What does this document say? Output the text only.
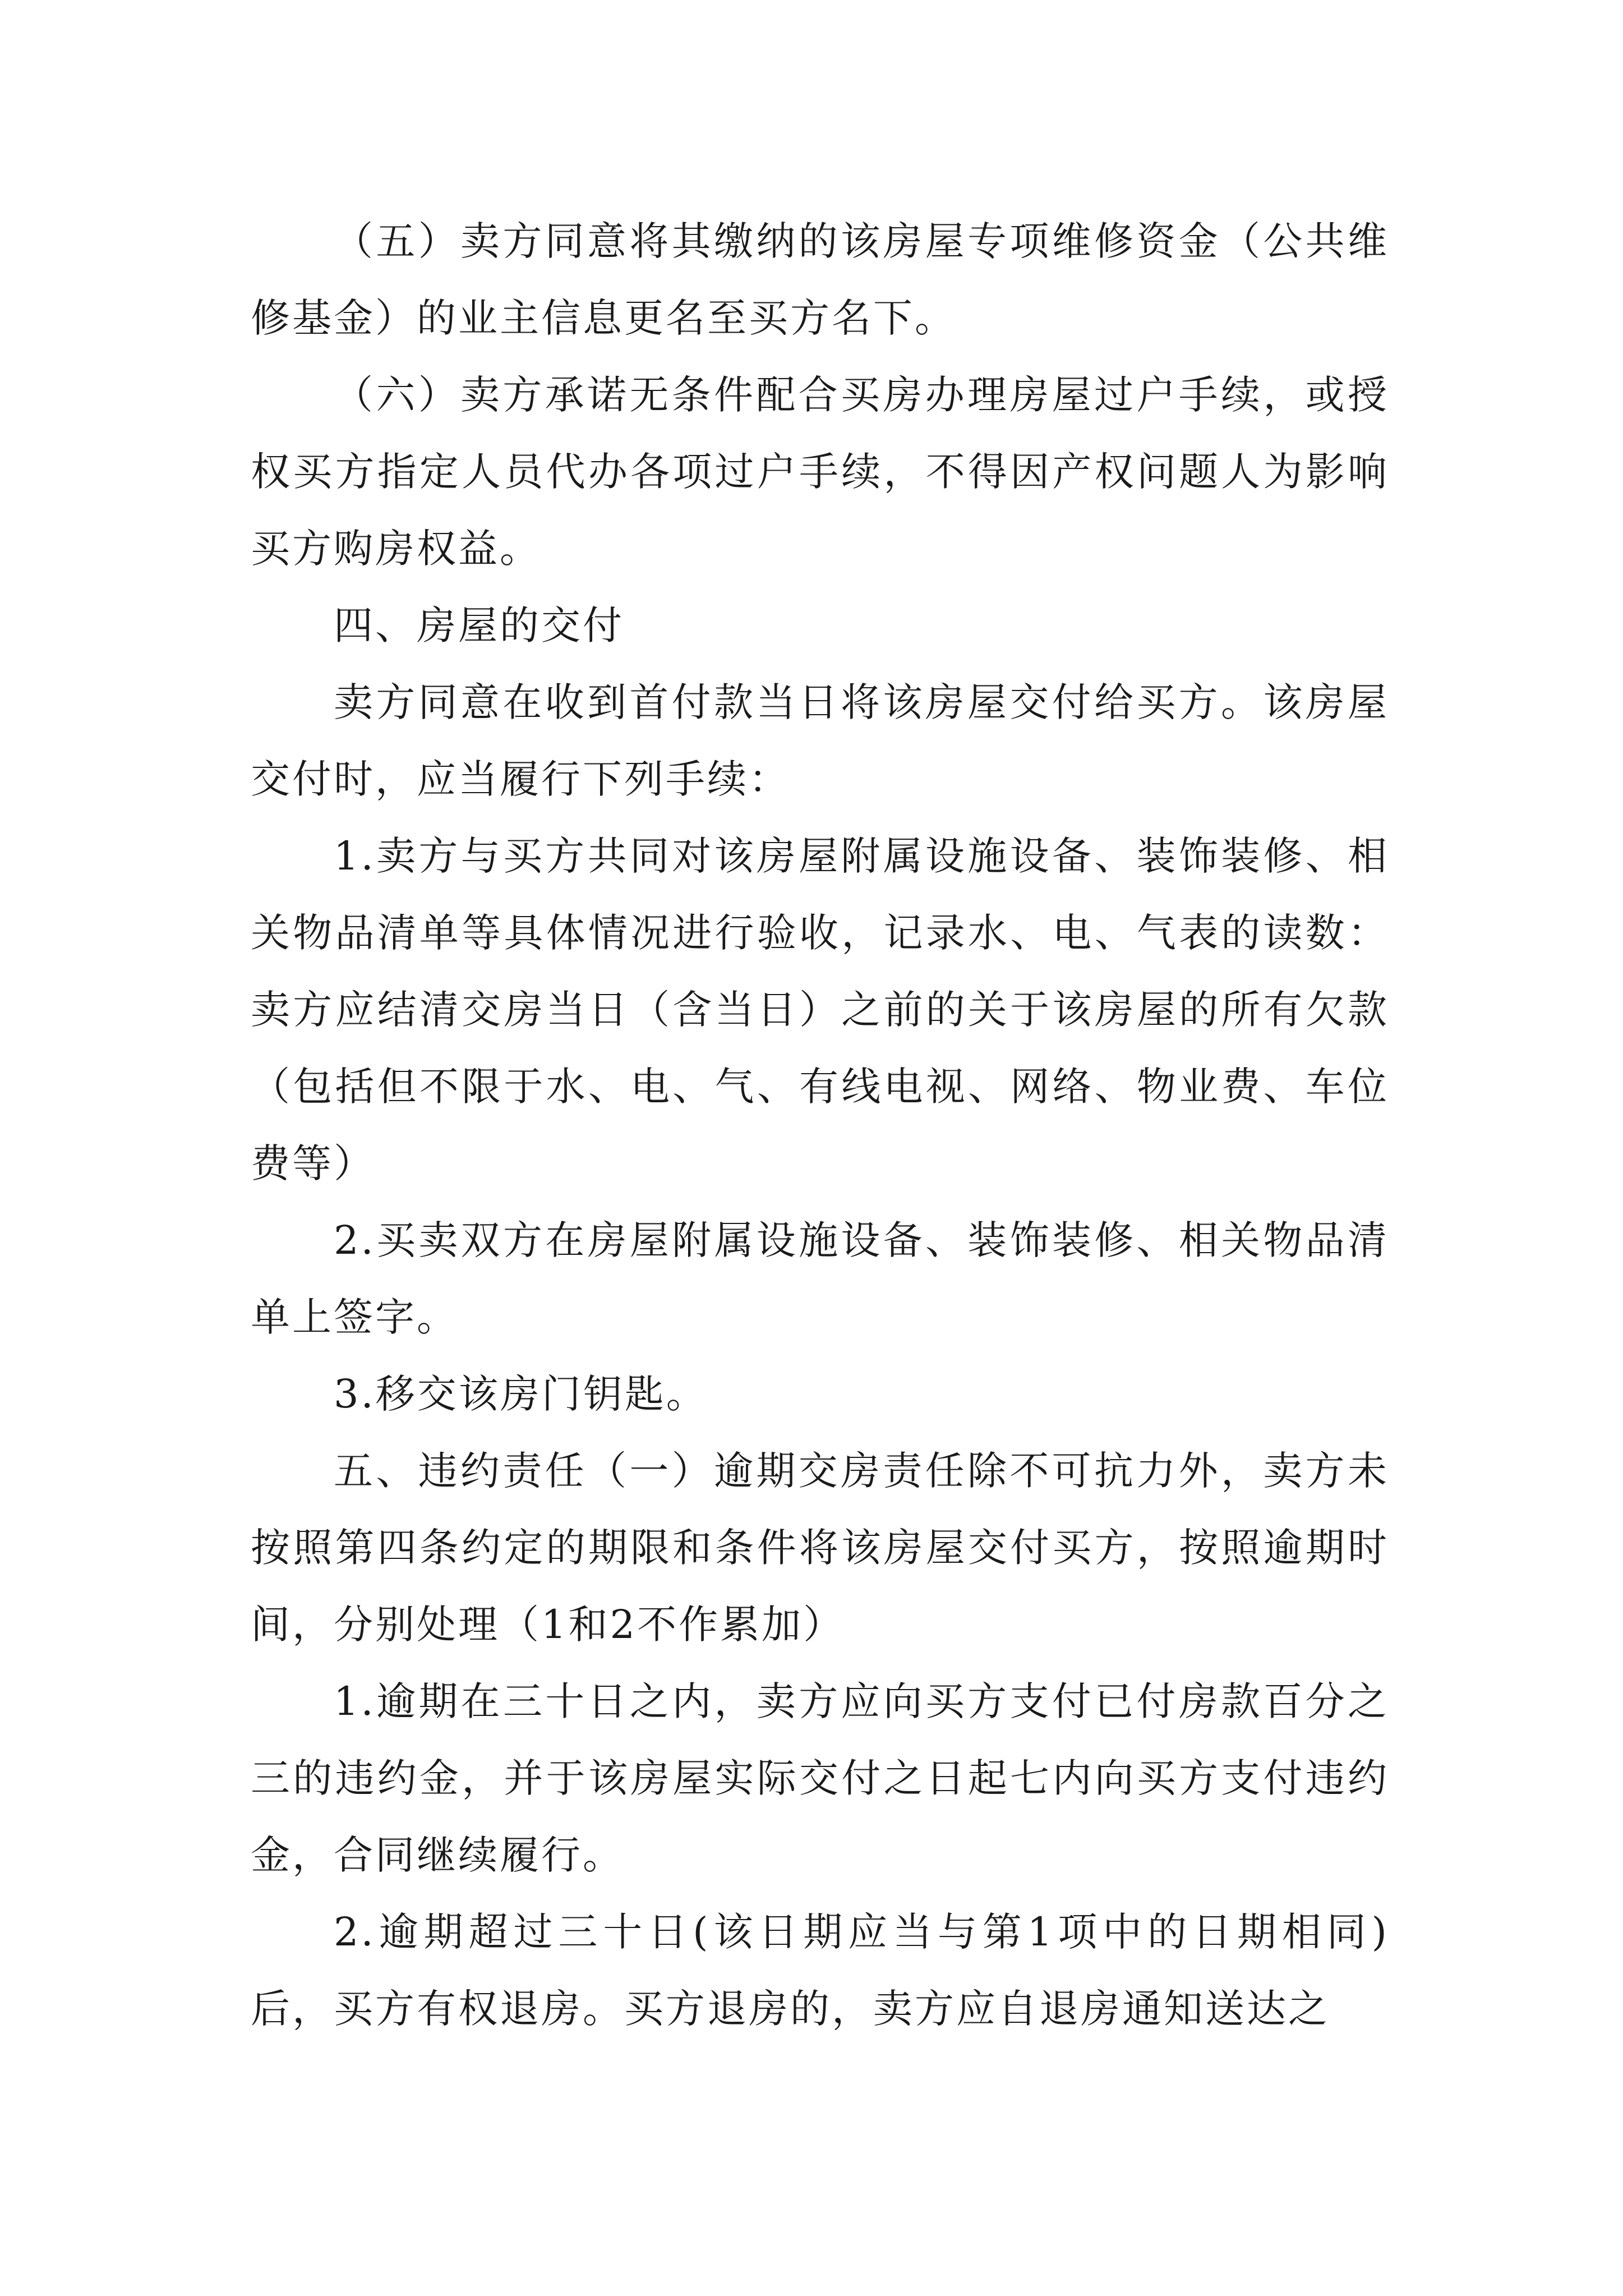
（五）卖方同意将其缴纳的该房屋专项维修资金（公共维修基金）的业主信息更名至买方名下。

（六）卖方承诺无条件配合买房办理房屋过户手续，或授权买方指定人员代办各项过户手续，不得因产权问题人为影响买方购房权益。

四、房屋的交付

卖方同意在收到首付款当日将该房屋交付给买方。该房屋交付时，应当履行下列手续：

1.卖方与买方共同对该房屋附属设施设备、装饰装修、相关物品清单等具体情况进行验收，记录水、电、气表的读数：卖方应结清交房当日（含当日）之前的关于该房屋的所有欠款（包括但不限于水、电、气、有线电视、网络、物业费、车位费等）

2.买卖双方在房屋附属设施设备、装饰装修、相关物品清单上签字。

3.移交该房门钥匙。

五、违约责任（一）逾期交房责任除不可抗力外，卖方未按照第四条约定的期限和条件将该房屋交付买方，按照逾期时间，分别处理（1和2不作累加）

1.逾期在三十日之内，卖方应向买方支付已付房款百分之三的违约金，并于该房屋实际交付之日起七内向买方支付违约金，合同继续履行。

2.逾期超过三十日(该日期应当与第1项中的日期相同)后，买方有权退房。买方退房的，卖方应自退房通知送达之
